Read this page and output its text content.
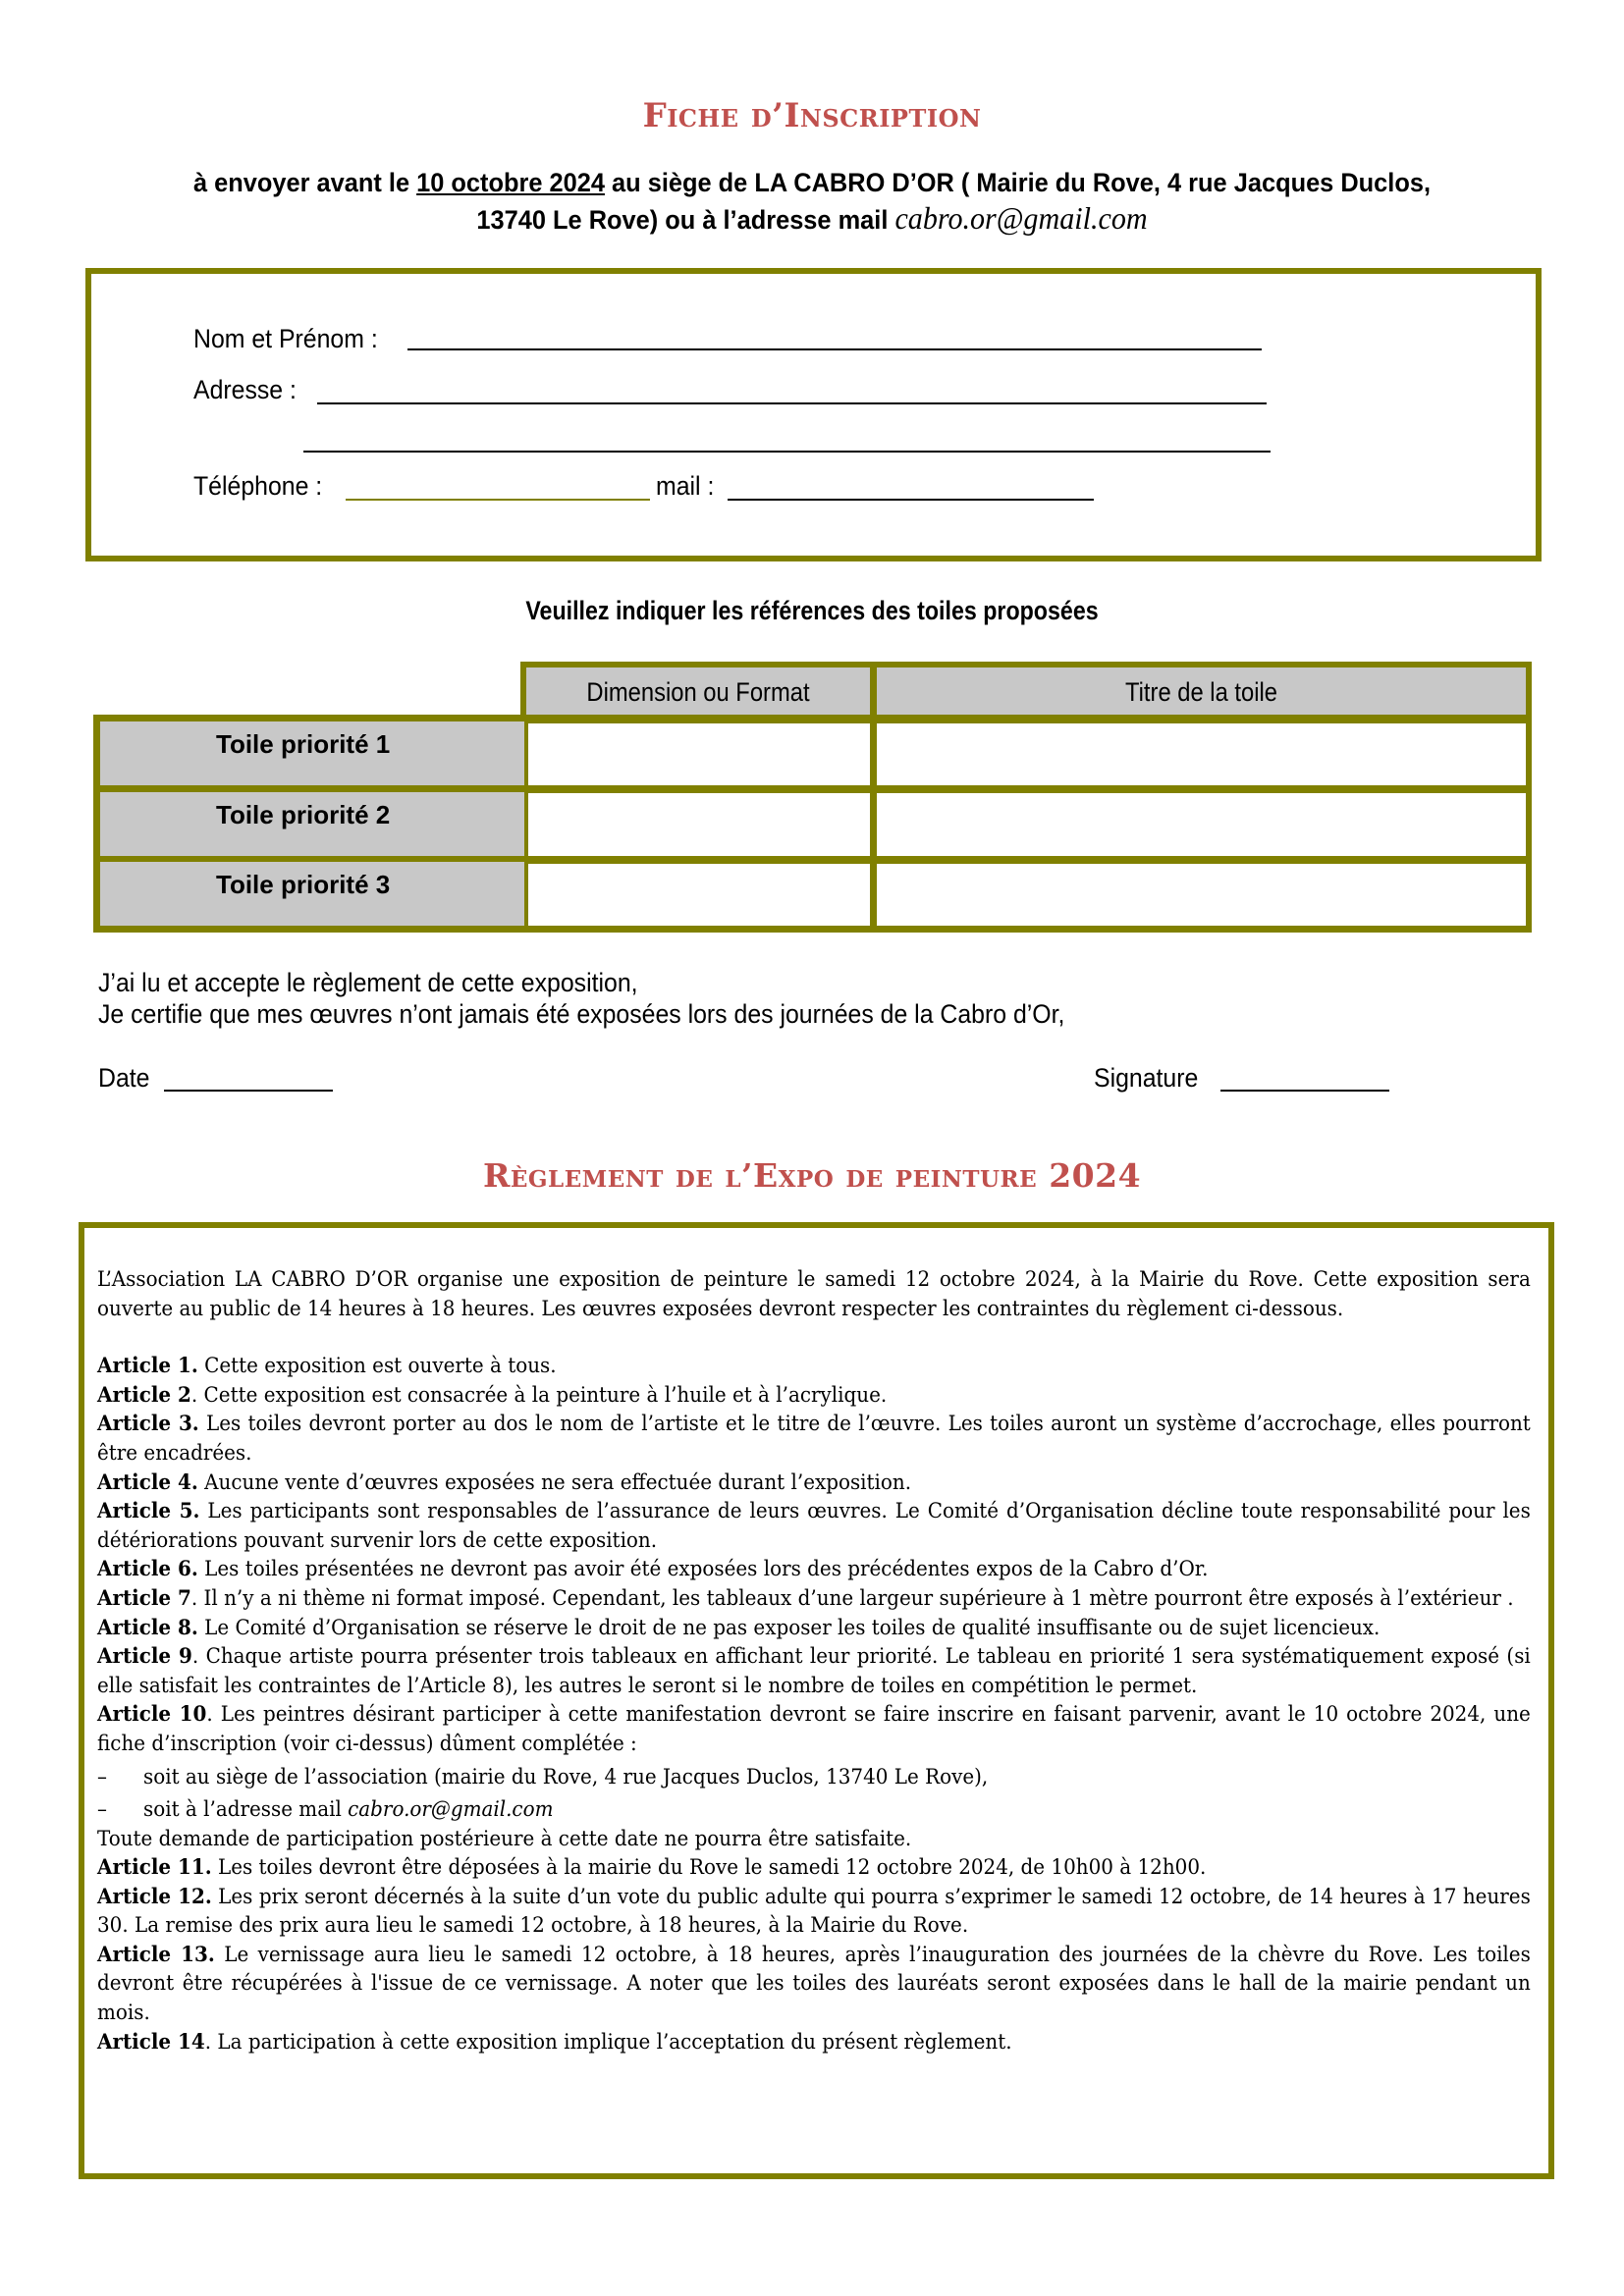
Fiche d’Inscription
à envoyer avant le 10 octobre 2024 au siège de LA CABRO D’OR ( Mairie du Rove, 4 rue Jacques Duclos,
13740 Le Rove) ou à l’adresse mail cabro.or@gmail.com
Nom et Prénom :
Adresse :
Téléphone :	mail :
Veuillez indiquer les références des toiles proposées
Dimension ou Format	Titre de la toile
Toile priorité 1
Toile priorité 2
Toile priorité 3
J’ai lu et accepte le règlement de cette exposition,
Je certifie que mes œuvres n’ont jamais été exposées lors des journées de la Cabro d’Or,
Date	Signature
Règlement de l’Expo de peinture 2024

L’Association LA CABRO D’OR organise une exposition de peinture le samedi 12 octobre 2024, à la Mairie du Rove. Cette exposition sera ouverte au public de 14 heures à 18 heures. Les œuvres exposées devront respecter les contraintes du règlement ci-dessous.

Article 1. Cette exposition est ouverte à tous.

Article 2. Cette exposition est consacrée à la peinture à l’huile et à l’acrylique.

Article 3. Les toiles devront porter au dos le nom de l’artiste et le titre de l’œuvre. Les toiles auront un système d’accrochage, elles pourront être encadrées.

Article 4. Aucune vente d’œuvres exposées ne sera effectuée durant l’exposition.

Article 5. Les participants sont responsables de l’assurance de leurs œuvres. Le Comité d’Organisation décline toute responsabilité pour les détériorations pouvant survenir lors de cette exposition.

Article 6. Les toiles présentées ne devront pas avoir été exposées lors des précédentes expos de la Cabro d’Or.

Article 7. Il n’y a ni thème ni format imposé. Cependant, les tableaux d’une largeur supérieure à 1 mètre pourront être exposés à l’extérieur .

Article 8. Le Comité d’Organisation se réserve le droit de ne pas exposer les toiles de qualité insuffisante ou de sujet licencieux.

Article 9. Chaque artiste pourra présenter trois tableaux en affichant leur priorité. Le tableau en priorité 1 sera systématiquement exposé (si elle satisfait les contraintes de l’Article 8), les autres le seront si le nombre de toiles en compétition le permet.

Article 10. Les peintres désirant participer à cette manifestation devront se faire inscrire en faisant parvenir, avant le 10 octobre 2024, une fiche d’inscription (voir ci-dessus) dûment complétée :

– soit au siège de l’association (mairie du Rove, 4 rue Jacques Duclos, 13740 Le Rove),
– soit à l’adresse mail cabro.or@gmail.com

Toute demande de participation postérieure à cette date ne pourra être satisfaite.

Article 11. Les toiles devront être déposées à la mairie du Rove le samedi 12 octobre 2024, de 10h00 à 12h00.

Article 12. Les prix seront décernés à la suite d’un vote du public adulte qui pourra s’exprimer le samedi 12 octobre, de 14 heures à 17 heures 30. La remise des prix aura lieu le samedi 12 octobre, à 18 heures, à la Mairie du Rove.

Article 13. Le vernissage aura lieu le samedi 12 octobre, à 18 heures, après l’inauguration des journées de la chèvre du Rove. Les toiles devront être récupérées à l'issue de ce vernissage. A noter que les toiles des lauréats seront exposées dans le hall de la mairie pendant un mois.

Article 14. La participation à cette exposition implique l’acceptation du présent règlement.
